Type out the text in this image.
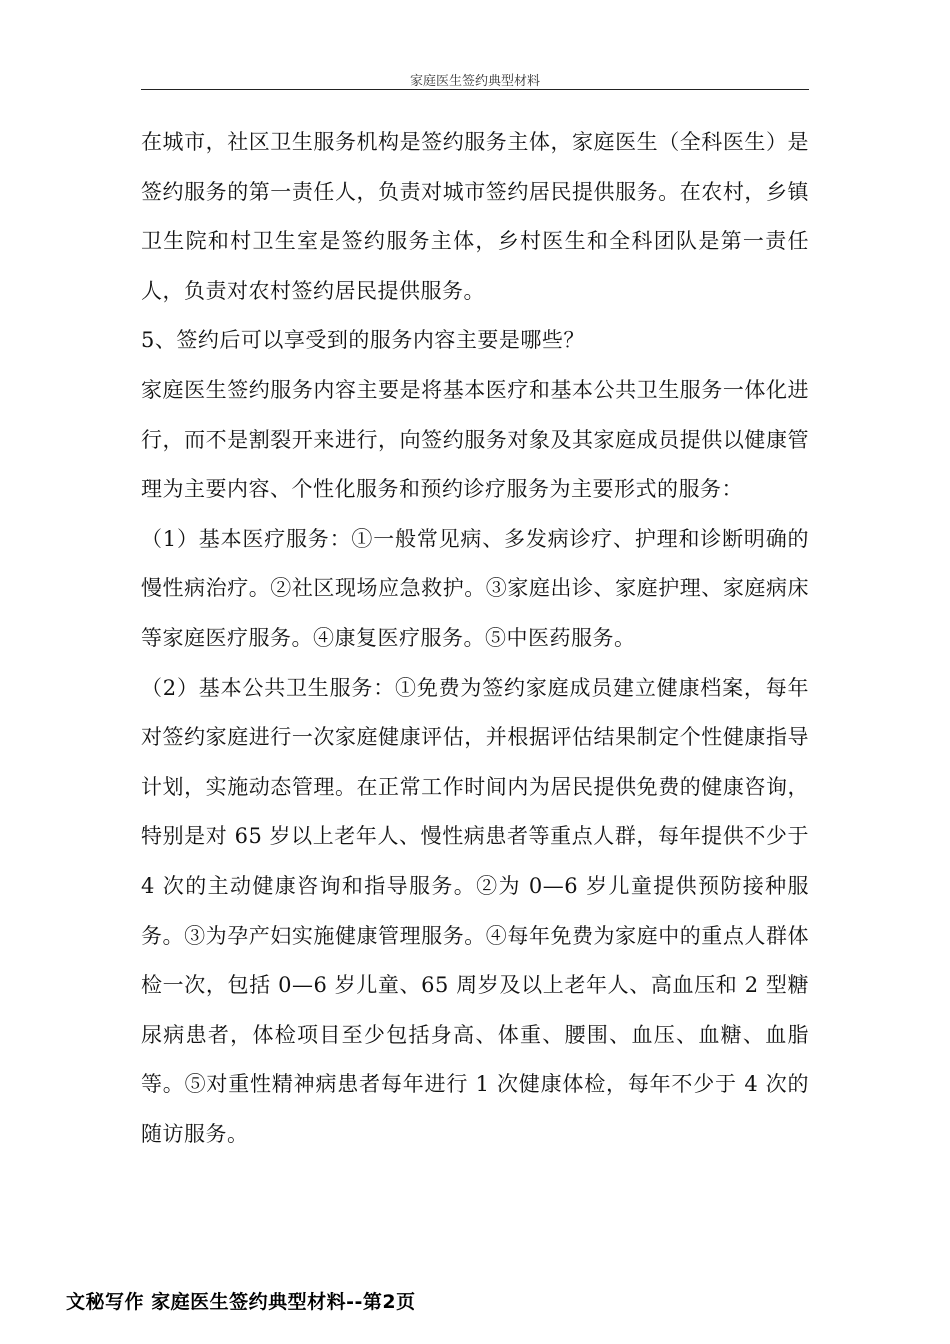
家庭医生签约典型材料

在城市，社区卫生服务机构是签约服务主体，家庭医生（全科医生）是签约服务的第一责任人，负责对城市签约居民提供服务。在农村，乡镇卫生院和村卫生室是签约服务主体，乡村医生和全科团队是第一责任人，负责对农村签约居民提供服务。

5、签约后可以享受到的服务内容主要是哪些？

家庭医生签约服务内容主要是将基本医疗和基本公共卫生服务一体化进行，而不是割裂开来进行，向签约服务对象及其家庭成员提供以健康管理为主要内容、个性化服务和预约诊疗服务为主要形式的服务：

（1）基本医疗服务：①一般常见病、多发病诊疗、护理和诊断明确的慢性病治疗。②社区现场应急救护。③家庭出诊、家庭护理、家庭病床等家庭医疗服务。④康复医疗服务。⑤中医药服务。

（2）基本公共卫生服务：①免费为签约家庭成员建立健康档案，每年对签约家庭进行一次家庭健康评估，并根据评估结果制定个性健康指导计划，实施动态管理。在正常工作时间内为居民提供免费的健康咨询，特别是对 65 岁以上老年人、慢性病患者等重点人群，每年提供不少于 4 次的主动健康咨询和指导服务。②为 0—6 岁儿童提供预防接种服务。③为孕产妇实施健康管理服务。④每年免费为家庭中的重点人群体检一次，包括 0—6 岁儿童、65 周岁及以上老年人、高血压和 2 型糖尿病患者，体检项目至少包括身高、体重、腰围、血压、血糖、血脂等。⑤对重性精神病患者每年进行 1 次健康体检，每年不少于 4 次的随访服务。

文秘写作 家庭医生签约典型材料--第2页
